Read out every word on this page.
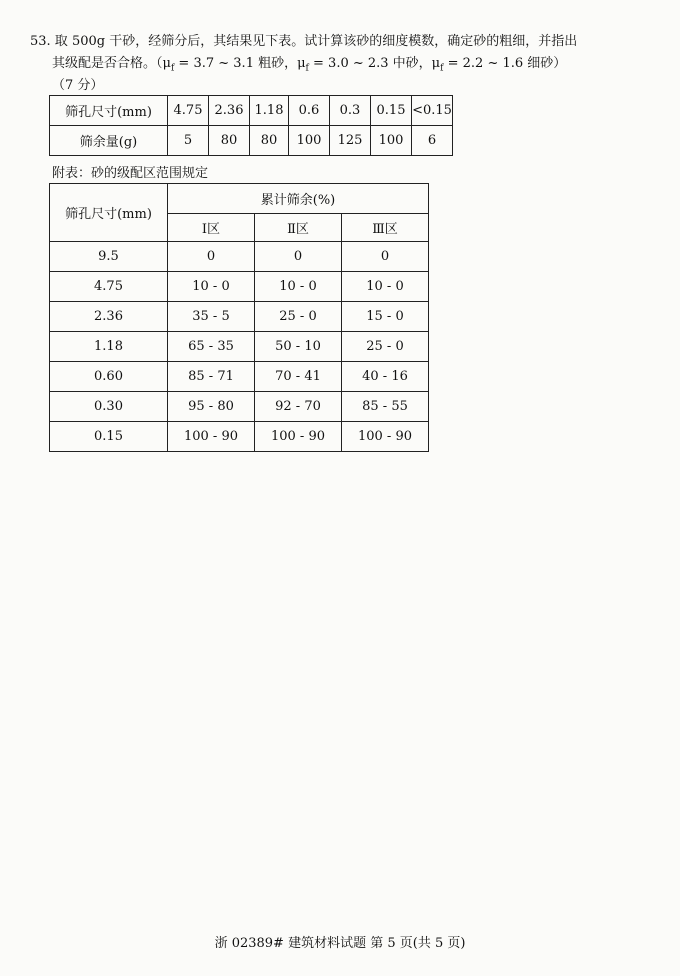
53. 取 500g 干砂，经筛分后，其结果见下表。试计算该砂的细度模数，确定砂的粗细，并指出
其级配是否合格。（$\mu_f = 3.7$ ~ 3.1 粗砂，$\mu_f = 3.0$ ~ 2.3 中砂，$\mu_f = 2.2$ ~ 1.6 细砂）
（7 分）
筛孔尺寸(mm)	4.75	2.36	1.18	0.6	0.3	0.15	<0.15
筛余量(g)	5	80	80	100	125	100	6
附表：砂的级配区范围规定
筛孔尺寸(mm)	累计筛余(%)		
	Ⅰ区	Ⅱ区	Ⅲ区
9.5	0	0	0
4.75	10 - 0	10 - 0	10 - 0
2.36	35 - 5	25 - 0	15 - 0
1.18	65 - 35	50 - 10	25 - 0
0.60	85 - 71	70 - 41	40 - 16
0.30	95 - 80	92 - 70	85 - 55
0.15	100 - 90	100 - 90	100 - 90
浙 02389# 建筑材料试题 第 5 页(共 5 页)
